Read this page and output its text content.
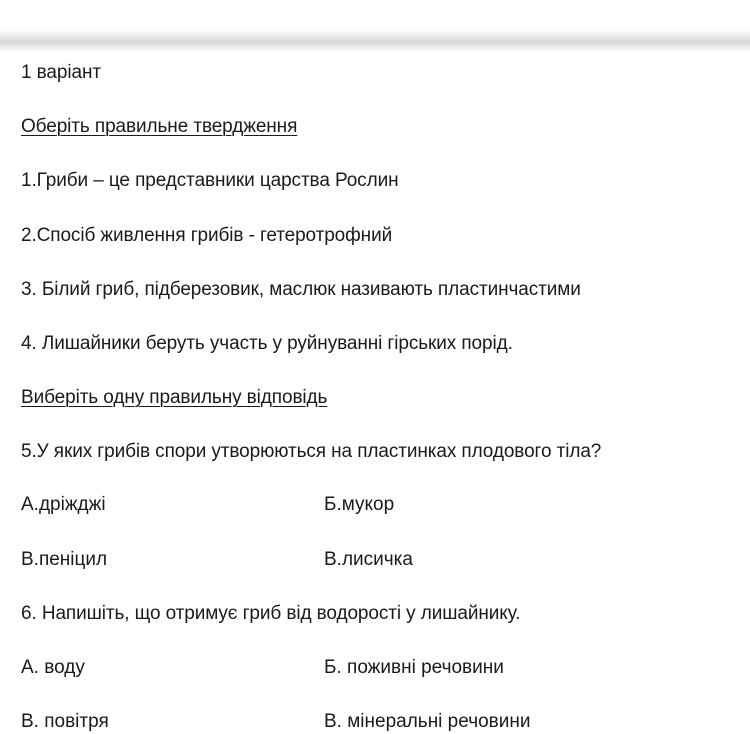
1 варіант
Оберіть правильне твердження
1.Гриби – це представники царства Рослин
2.Спосіб живлення грибів - гетеротрофний
3. Білий гриб, підберезовик, маслюк називають пластинчастими
4. Лишайники беруть участь у руйнуванні гірських порід.
Виберіть одну правильну відповідь
5.У яких грибів спори утворюються на пластинках плодового тіла?
А.дріжджі	Б.мукор
В.пеніцил	В.лисичка
6. Напишіть, що отримує гриб від водорості у лишайнику.
А. воду	Б. поживні речовини
В. повітря	В. мінеральні речовини
